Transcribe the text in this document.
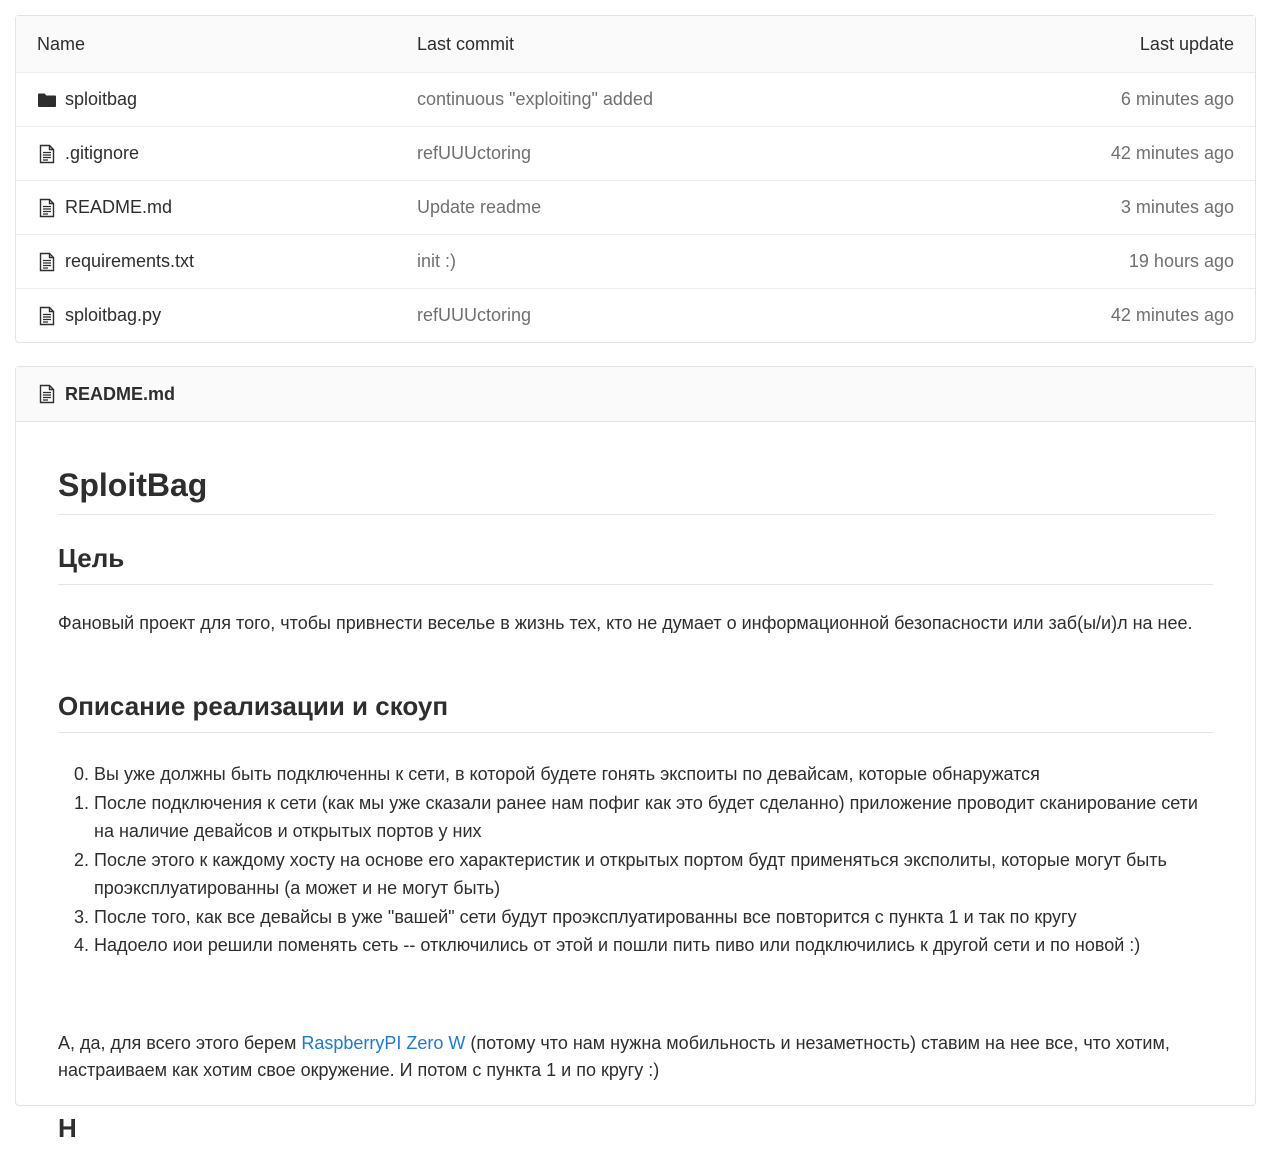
Name	Last commit	Last update
sploitbag	continuous "exploiting" added	6 minutes ago
.gitignore	refUUUctoring	42 minutes ago
README.md	Update readme	3 minutes ago
requirements.txt	init :)	19 hours ago
sploitbag.py	refUUUctoring	42 minutes ago
README.md
SploitBag
Цель

Фановый проект для того, чтобы привнести веселье в жизнь тех, кто не думает о информационной безопасности или заб(ы/и)л на нее.

Описание реализации и скоуп
0. Вы уже должны быть подключенны к сети, в которой будете гонять экспоиты по девайсам, которые обнаружатся
1. После подключения к сети (как мы уже сказали ранее нам пофиг как это будет сделанно) приложение проводит сканирование сети на наличие девайсов и открытых портов у них
2. После этого к каждому хосту на основе его характеристик и открытых портом будт применяться эксполиты, которые могут быть проэксплуатированны (а может и не могут быть)
3. После того, как все девайсы в уже "вашей" сети будут проэксплуатированны все повторится с пункта 1 и так по кругу
4. Надоело иои решили поменять сеть -- отключились от этой и пошли пить пиво или подключились к другой сети и по новой :)

А, да, для всего этого берем RaspberryPI Zero W (потому что нам нужна мобильность и незаметность) ставим на нее все, что хотим, настраиваем как хотим свое окружение. И потом с пункта 1 и по кругу :)

Н
